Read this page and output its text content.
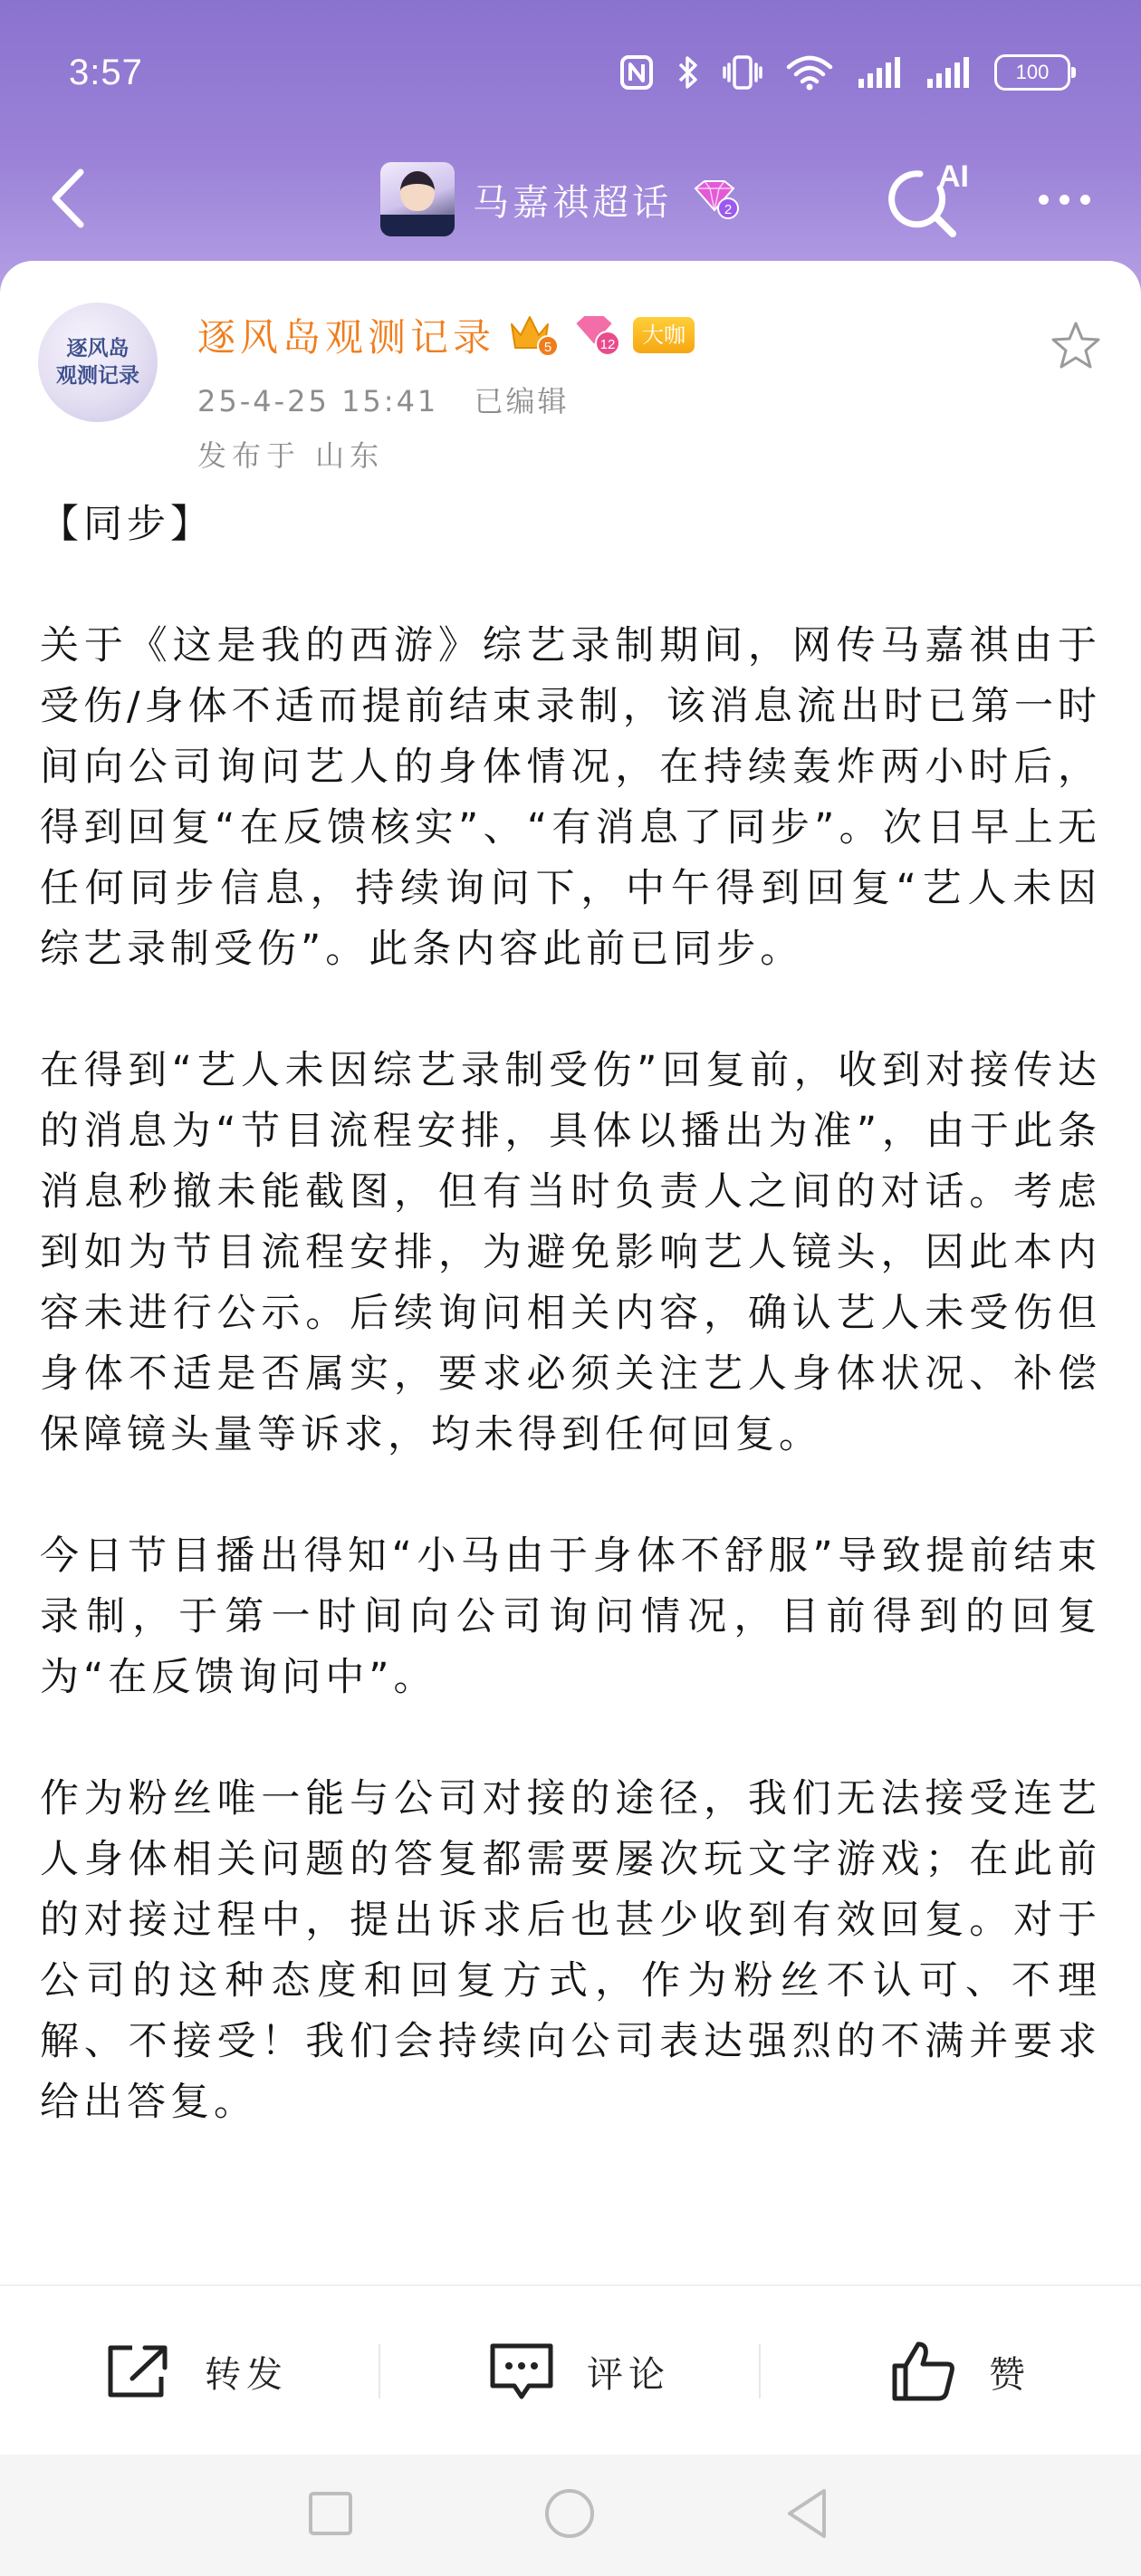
3:57	100
马嘉祺超话	2
AI
逐风岛
观测记录
逐风岛观测记录	5	12	大咖
25-4-25 15:41 已编辑
发布于 山东

【同步】

关于《这是我的西游》综艺录制期间，网传马嘉祺由于受伤/身体不适而提前结束录制，该消息流出时已第一时间向公司询问艺人的身体情况，在持续轰炸两小时后，得到回复“在反馈核实”、“有消息了同步”。次日早上无任何同步信息，持续询问下，中午得到回复“艺人未因综艺录制受伤”。此条内容此前已同步。

在得到“艺人未因综艺录制受伤”回复前，收到对接传达的消息为“节目流程安排，具体以播出为准”，由于此条消息秒撤未能截图，但有当时负责人之间的对话。考虑到如为节目流程安排，为避免影响艺人镜头，因此本内容未进行公示。后续询问相关内容，确认艺人未受伤但身体不适是否属实，要求必须关注艺人身体状况、补偿保障镜头量等诉求，均未得到任何回复。

今日节目播出得知“小马由于身体不舒服”导致提前结束录制，于第一时间向公司询问情况，目前得到的回复为“在反馈询问中”。

作为粉丝唯一能与公司对接的途径，我们无法接受连艺人身体相关问题的答复都需要屡次玩文字游戏；在此前的对接过程中，提出诉求后也甚少收到有效回复。对于公司的这种态度和回复方式，作为粉丝不认可、不理解、不接受！我们会持续向公司表达强烈的不满并要求给出答复。

转发	评论	赞
